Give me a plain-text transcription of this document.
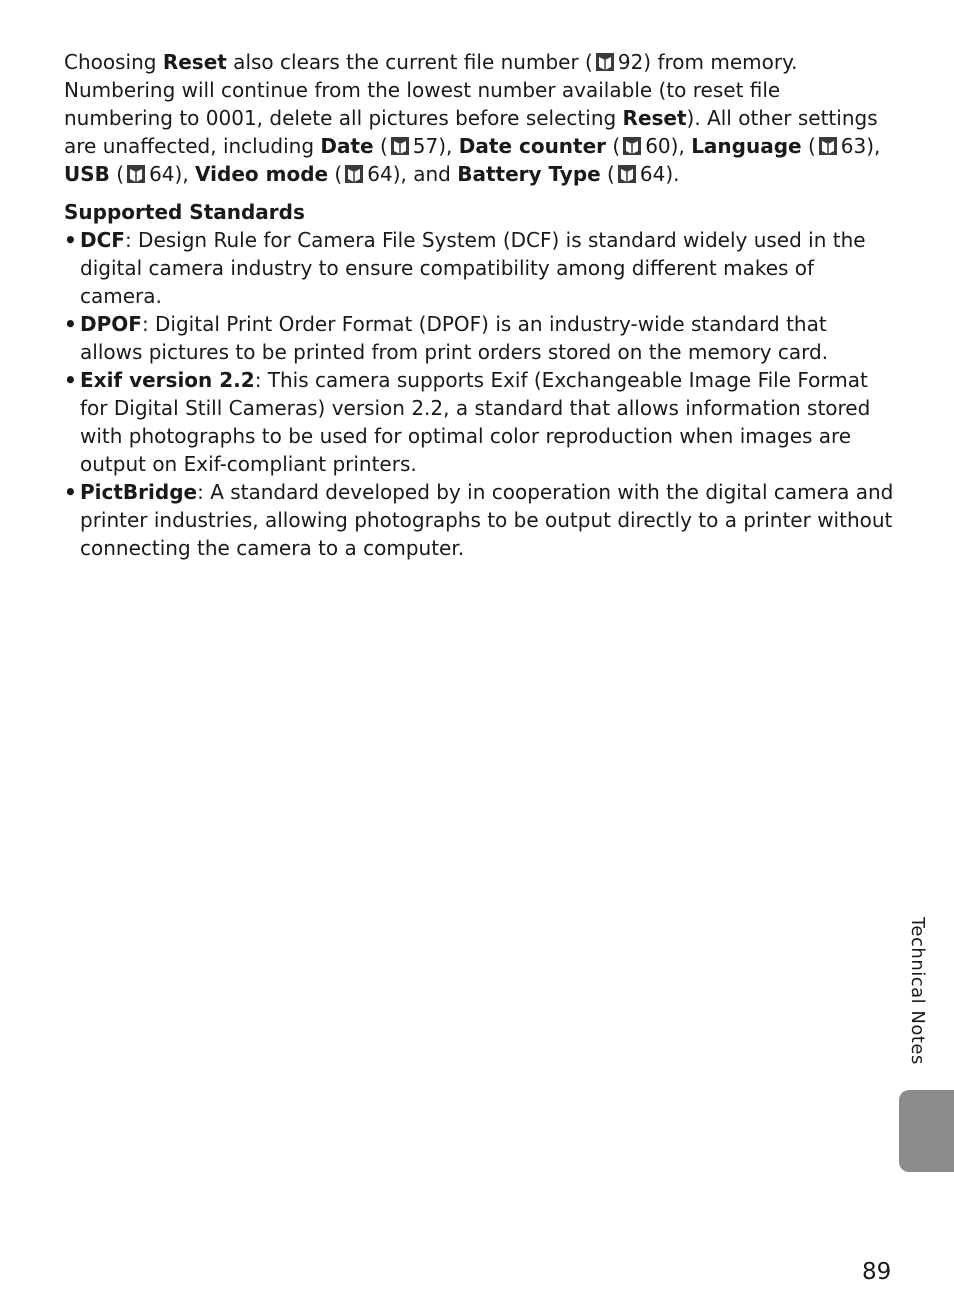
Choosing Reset also clears the current file number ( 92) from memory. Numbering will continue from the lowest number available (to reset file numbering to 0001, delete all pictures before selecting Reset). All other settings are unaffected, including Date ( 57), Date counter ( 60), Language ( 63), USB ( 64), Video mode ( 64), and Battery Type ( 64).

Supported Standards
• DCF: Design Rule for Camera File System (DCF) is standard widely used in the digital camera industry to ensure compatibility among different makes of camera.
• DPOF: Digital Print Order Format (DPOF) is an industry-wide standard that allows pictures to be printed from print orders stored on the memory card.
• Exif version 2.2: This camera supports Exif (Exchangeable Image File Format for Digital Still Cameras) version 2.2, a standard that allows information stored with photographs to be used for optimal color reproduction when images are output on Exif-compliant printers.
• PictBridge: A standard developed by in cooperation with the digital camera and printer industries, allowing photographs to be output directly to a printer without connecting the camera to a computer.
Technical Notes
89
